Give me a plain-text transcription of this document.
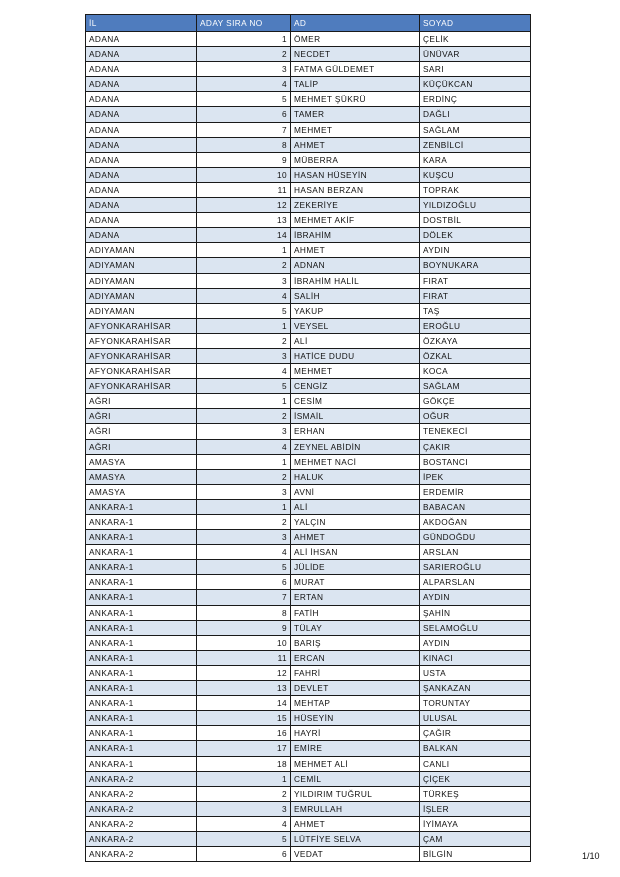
İL	ADAY SIRA NO	AD	SOYAD
ADANA	1	ÖMER	ÇELİK
ADANA	2	NECDET	ÜNÜVAR
ADANA	3	FATMA GÜLDEMET	SARI
ADANA	4	TALİP	KÜÇÜKCAN
ADANA	5	MEHMET ŞÜKRÜ	ERDİNÇ
ADANA	6	TAMER	DAĞLI
ADANA	7	MEHMET	SAĞLAM
ADANA	8	AHMET	ZENBİLCİ
ADANA	9	MÜBERRA	KARA
ADANA	10	HASAN HÜSEYİN	KUŞCU
ADANA	11	HASAN BERZAN	TOPRAK
ADANA	12	ZEKERİYE	YILDIZOĞLU
ADANA	13	MEHMET AKİF	DOSTBİL
ADANA	14	İBRAHİM	DÖLEK
ADIYAMAN	1	AHMET	AYDIN
ADIYAMAN	2	ADNAN	BOYNUKARA
ADIYAMAN	3	İBRAHİM HALİL	FIRAT
ADIYAMAN	4	SALİH	FIRAT
ADIYAMAN	5	YAKUP	TAŞ
AFYONKARAHİSAR	1	VEYSEL	EROĞLU
AFYONKARAHİSAR	2	ALİ	ÖZKAYA
AFYONKARAHİSAR	3	HATİCE DUDU	ÖZKAL
AFYONKARAHİSAR	4	MEHMET	KOCA
AFYONKARAHİSAR	5	CENGİZ	SAĞLAM
AĞRI	1	CESİM	GÖKÇE
AĞRI	2	İSMAİL	OĞUR
AĞRI	3	ERHAN	TENEKECİ
AĞRI	4	ZEYNEL ABİDİN	ÇAKIR
AMASYA	1	MEHMET NACİ	BOSTANCI
AMASYA	2	HALUK	İPEK
AMASYA	3	AVNİ	ERDEMİR
ANKARA-1	1	ALİ	BABACAN
ANKARA-1	2	YALÇIN	AKDOĞAN
ANKARA-1	3	AHMET	GÜNDOĞDU
ANKARA-1	4	ALİ İHSAN	ARSLAN
ANKARA-1	5	JÜLİDE	SARIEROĞLU
ANKARA-1	6	MURAT	ALPARSLAN
ANKARA-1	7	ERTAN	AYDIN
ANKARA-1	8	FATİH	ŞAHİN
ANKARA-1	9	TÜLAY	SELAMOĞLU
ANKARA-1	10	BARIŞ	AYDIN
ANKARA-1	11	ERCAN	KINACI
ANKARA-1	12	FAHRİ	USTA
ANKARA-1	13	DEVLET	ŞANKAZAN
ANKARA-1	14	MEHTAP	TORUNTAY
ANKARA-1	15	HÜSEYİN	ULUSAL
ANKARA-1	16	HAYRİ	ÇAĞIR
ANKARA-1	17	EMİRE	BALKAN
ANKARA-1	18	MEHMET ALİ	CANLI
ANKARA-2	1	CEMİL	ÇİÇEK
ANKARA-2	2	YILDIRIM TUĞRUL	TÜRKEŞ
ANKARA-2	3	EMRULLAH	İŞLER
ANKARA-2	4	AHMET	İYİMAYA
ANKARA-2	5	LÜTFİYE SELVA	ÇAM
ANKARA-2	6	VEDAT	BİLGİN	1/10
